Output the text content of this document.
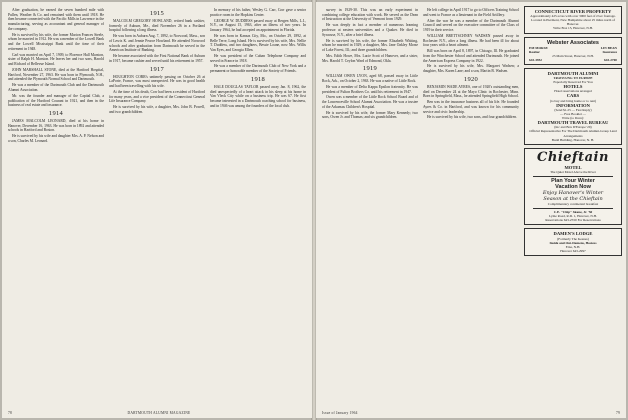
After graduation, he earned the seven hundred mile with Pullen, Weather & Co. and remained with them until 1918. He then became connected with the Pacific Mills in Lawrence in the manufacturing, serving as accountant and general manager of the company.

He is survived by his wife, the former Marion Frances Steele, whom he married in 1912. He was a member of the Lowell Bank and the Lowell Mississippi Bank until the time of their retirement in 1948.

Carl was married on April 7, 1909, to Florence Hall Marston, sister of Ralph H. Marston. He leaves her and two sons, Harold and Richard of Bellevue Island.

JOHN MARSHALL STONE, died at the Hartford Hospital, Hartford, November 27, 1963. He was born in Plymouth, N.H., and attended the Plymouth Normal School and Dartmouth.

He was a member of the Dartmouth Club and the Dartmouth Alumni Association.

Mr. was the founder and manager of the Capital Club, a publication of the Hartford Courant in 1921, and then in the business of real estate and insurance.

1914

JAMES MALCOLM LEONARD, died at his home in Hanover, December 16, 1963. He was born in 1892 and attended schools in Hartford and Boston.

He is survived by his wife and daughter Mrs. A. P. Nelson and a son, Charles M. Leonard.

1915

MALCOLM GREGORY HOWLAND, retired bank cashier, formerly of Auburn, Me., died November 26 in a Portland hospital following a long illness.

He was born in Auburn Aug. 7, 1892, to Norwood, Mass., son of Lewis K. and Jennie Pearce Howland. He attended Norwood schools and after graduation from Dartmouth he served in the American Institute of Banking.

He became associated with the First National Bank of Auburn in 1917, became cashier and served until his retirement in 1957.

1917

HOUGHTON CORR's untimely passing on October 26 at LaPorte, France, was most unexpected. He was in good health and had been travelling with his wife.

At the time of his death, Corr had been a resident of Hartford for many years, and a vice president of the Connecticut General Life Insurance Company.

He is survived by his wife, a daughter, Mrs. John B. Powell, and two grandchildren.

In memory of his father, Wesley G. Carr, Corr gave a senior practice room in the Hopkins Center.

GEORGE W. DUDDESS passed away at Bergen Mills, L.I., N.Y., on August 15, 1963, after an illness of two years. In January 1964, he had accepted an appointment in Florida.

He was born in Kansas City, Mo., on October 29, 1892, at Belle Terre, Long Island. He is survived by his wife, Mrs. Nellie T. Duddess, and two daughters, Bessie Loane, now Mrs. Willis Van Eyes, and Georgia Ellen.

He was president of the Cuban Telephone Company and served in France in 1918.

He was a member of the Dartmouth Club of New York and a permanent or honorable member of the Society of Friends.

1918

HALE DOUGLAS TAYLOR passed away Jan. 8, 1962, the died unexpectedly of a heart attack in his sleep at his home in Van Vleck City while on a business trip. He was 67. He first became interested in a Dartmouth coaching school for business, and in 1946 was among the founders of the local club.

78	DARTMOUTH ALUMNI MAGAZINE

survey in 1929-30. This was an early experiment in combining college education with work. He served as the Dean of Instruction at the University of Vermont from 1929.

He was deeply in fact a member of numerous learning professor at eastern universities and a Quaker. He died in Syracuse, N.Y., after a brief illness.

He is survived by his wife, the former Elizabeth Whiting, whom he married in 1929; a daughter, Mrs. Jane Oakley Morse of Lake Forest, Ill.; and three grandchildren.

Mrs. Edith Howe, Mrs. Lucie Scott of Hanover, and a sister, Mrs. Harold T. Ceylon Ward of Edmond, Okla.

1919

WILLIAM OWEN LYON, aged 68, passed away in Little Rock, Ark., on October 2, 1963. He was a native of Little Rock.

He was a member of Delta Kappa Epsilon fraternity. He was president of Fulton Brothers Co. until his retirement in 1947.

Owen was a member of the Little Rock School Board and of the Lawrenceville School Alumni Association. He was a trustee of the Arkansas Children's Hospital.

He is survived by his wife, the former Mary Kennedy; two sons, Owen Jr. and Thomas; and six grandchildren.

He left college in April 1917 to go to Officers Training School and went to France as a lieutenant in the Field Artillery.

After the war he was a member of the Dartmouth Alumni Council and served on the executive committee of the Class of 1919 in their service.

WILLIAM BRETTSCHNEY WADSEN passed away in Rochester N.Y., after a long illness. He had been ill for about four years with a heart ailment.

Bill was born on April 8, 1897, in Chicago, Ill. He graduated from the Winchester School and attended Dartmouth. He joined the American Express Company in 1922.

He is survived by his wife, Mrs. Margaret Wadsen; a daughter, Mrs. Karen Lane; and a son, Martin B. Wadsen.

1920

BENJAMIN WADE AYRES, one of 1920's outstanding men, died on December 24 at the Mayo Clinic in Rochester, Minn. Born in Springfield, Mass., he attended Springfield High School.

Ben was in the insurance business all of his life. He founded Ayres & Co. in Hartford, and was known for his community service and civic leadership.

He is survived by his wife, two sons, and four grandchildren.

CONNECTICUT RIVER PROPERTY
Approximately 425 acres with over 3000 feet of river frontage. Located in Piermont, New Hampshire about 25 miles north of Hanover.
Write Box 15, Hanover, N.H.
Webster Associates
EM MORSE	LIN BEAN
Realtor	Insurance
25 Main Street, Hanover, N.H.
643-3952	643-2700
DARTMOUTH ALUMNI
TRAVELING TO EUROPE
Especially Reserved For You
HOTELS
Hotel reservations arranged
CARS
(to buy and bring home or to rent)
INFORMATION
(Send $1.25 — Fast Reply)
— Free Booklet —
Write (to Dave):
DARTMOUTH TRAVEL BUREAU
(Inc and Box D'Europe '29)
Official Representative For The Dartmouth Alumni-Group Land Arrangements
Budd Building, Hanover, N. H.
Chieftain
MOTEL
The Quiet Motel Above the River
Plan Your Winter
Vacation Now
Enjoy Hanover's Winter
Season at the Chieftain
Complimentary continental breakfast
C.E. "Chip" Skane, Jr. '50
Lyme Road, R.D. 1, Hanover, N.H.
Reservations 643-2550 For Reservations
DAMEN'S LODGE
(Formerly The Keenes)
Inside and Out-Damens, Hostess
Etna, N.H.
Hanover 643-2997
Issue of January 1964	79
